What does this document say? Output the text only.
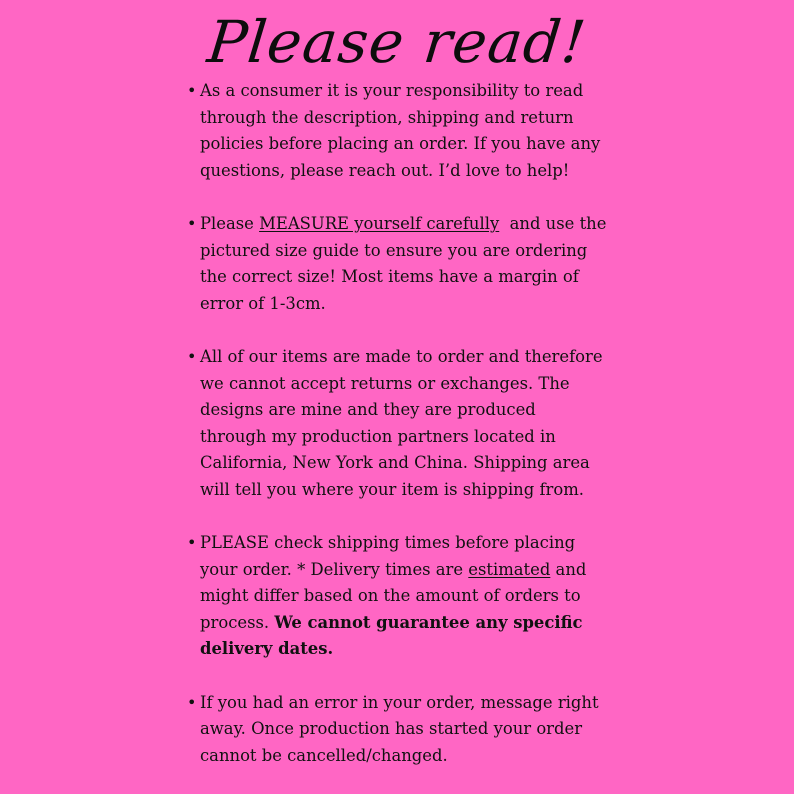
Please read!
• As a consumer it is your responsibility to read through the description, shipping and return policies before placing an order. If you have any questions, please reach out. I’d love to help!
• Please MEASURE yourself carefully  and use the pictured size guide to ensure you are ordering the correct size! Most items have a margin of error of 1-3cm.
• All of our items are made to order and therefore we cannot accept returns or exchanges. The designs are mine and they are produced through my production partners located in California, New York and China. Shipping area will tell you where your item is shipping from.
• PLEASE check shipping times before placing your order. * Delivery times are estimated and might differ based on the amount of orders to process. We cannot guarantee any specific delivery dates.
• If you had an error in your order, message right away. Once production has started your order cannot be cancelled/changed.
